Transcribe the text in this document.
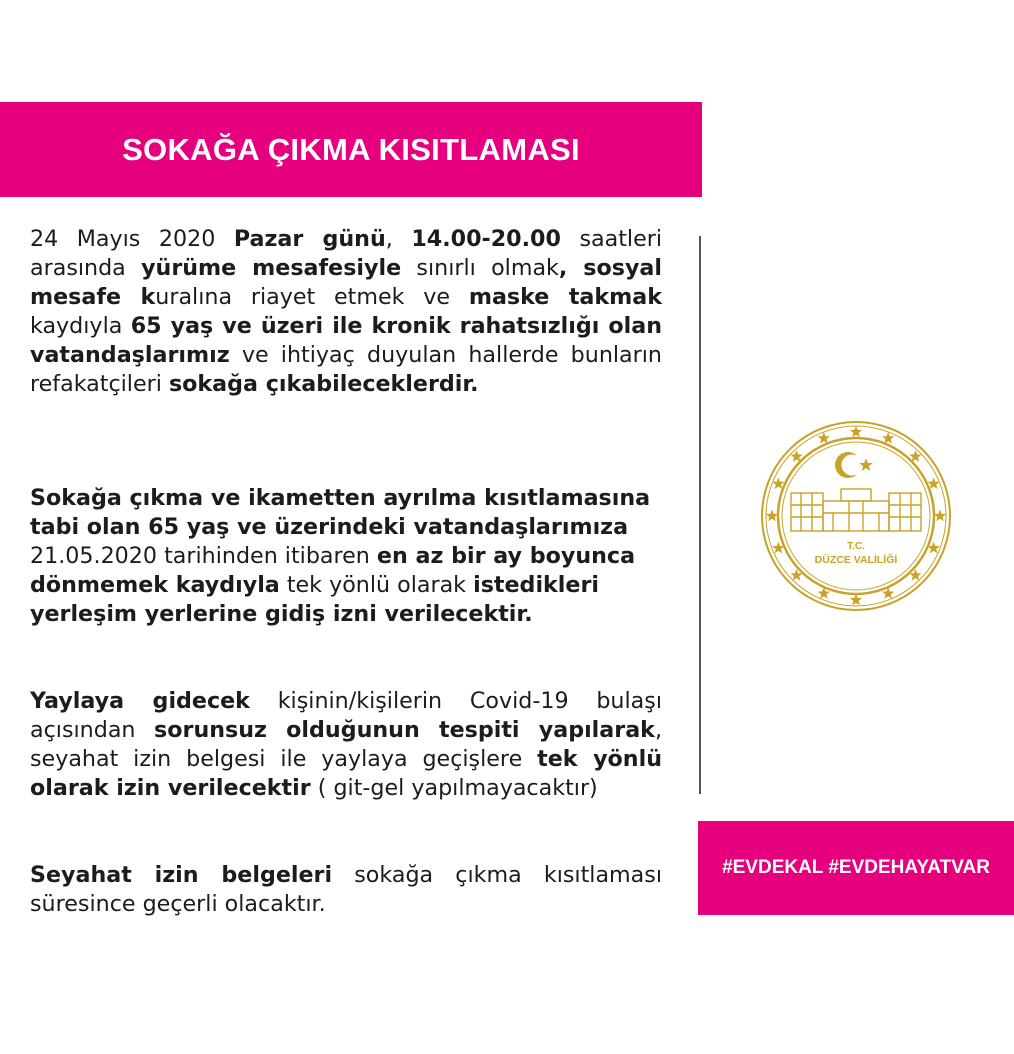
SOKAĞA ÇIKMA KISITLAMASI

24 Mayıs 2020 Pazar günü, 14.00-20.00 saatleri arasında yürüme mesafesiyle sınırlı olmak, sosyal mesafe kuralına riayet etmek ve maske takmak kaydıyla 65 yaş ve üzeri ile kronik rahatsızlığı olan vatandaşlarımız ve ihtiyaç duyulan hallerde bunların refakatçileri sokağa çıkabileceklerdir.

Sokağa çıkma ve ikametten ayrılma kısıtlamasına tabi olan 65 yaş ve üzerindeki vatandaşlarımıza 21.05.2020 tarihinden itibaren en az bir ay boyunca dönmemek kaydıyla tek yönlü olarak istedikleri yerleşim yerlerine gidiş izni verilecektir.

Yaylaya gidecek kişinin/kişilerin Covid-19 bulaşı açısından sorunsuz olduğunun tespiti yapılarak, seyahat izin belgesi ile yaylaya geçişlere tek yönlü olarak izin verilecektir ( git-gel yapılmayacaktır)

Seyahat izin belgeleri sokağa çıkma kısıtlaması süresince geçerli olacaktır.

T.C.
DÜZCE VALİLİĞİ
#EVDEKAL #EVDEHAYATVAR
